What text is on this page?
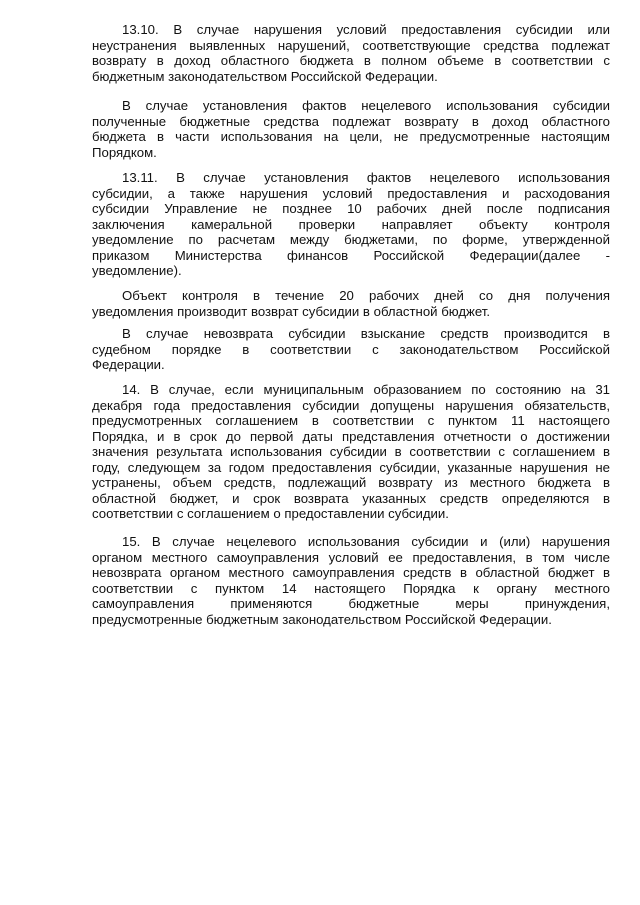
13.10. В случае нарушения условий предоставления субсидии или
неустранения выявленных нарушений, соответствующие средства подлежат
возврату в доход областного бюджета в полном объеме в соответствии с
бюджетным законодательством Российской Федерации.
В случае установления фактов нецелевого использования субсидии
полученные бюджетные средства подлежат возврату в доход областного
бюджета в части использования на цели, не предусмотренные настоящим
Порядком.
13.11. В случае установления фактов нецелевого использования
субсидии, а также нарушения условий предоставления и расходования
субсидии Управление не позднее 10 рабочих дней после подписания
заключения камеральной проверки направляет объекту контроля
уведомление по расчетам между бюджетами, по форме, утвержденной
приказом Министерства финансов Российской Федерации(далее -
уведомление).
Объект контроля в течение 20 рабочих дней со дня получения
уведомления производит возврат субсидии в областной бюджет.
В случае невозврата субсидии взыскание средств производится в
судебном порядке в соответствии с законодательством Российской
Федерации.
14. В случае, если муниципальным образованием по состоянию на 31
декабря года предоставления субсидии допущены нарушения обязательств,
предусмотренных соглашением в соответствии с пунктом 11 настоящего
Порядка, и в срок до первой даты представления отчетности о достижении
значения результата использования субсидии в соответствии с соглашением в
году, следующем за годом предоставления субсидии, указанные нарушения не
устранены, объем средств, подлежащий возврату из местного бюджета в
областной бюджет, и срок возврата указанных средств определяются в
соответствии с соглашением о предоставлении субсидии.
15. В случае нецелевого использования субсидии и (или) нарушения
органом местного самоуправления условий ее предоставления, в том числе
невозврата органом местного самоуправления средств в областной бюджет в
соответствии с пунктом 14 настоящего Порядка к органу местного
самоуправления применяются бюджетные меры принуждения,
предусмотренные бюджетным законодательством Российской Федерации.
